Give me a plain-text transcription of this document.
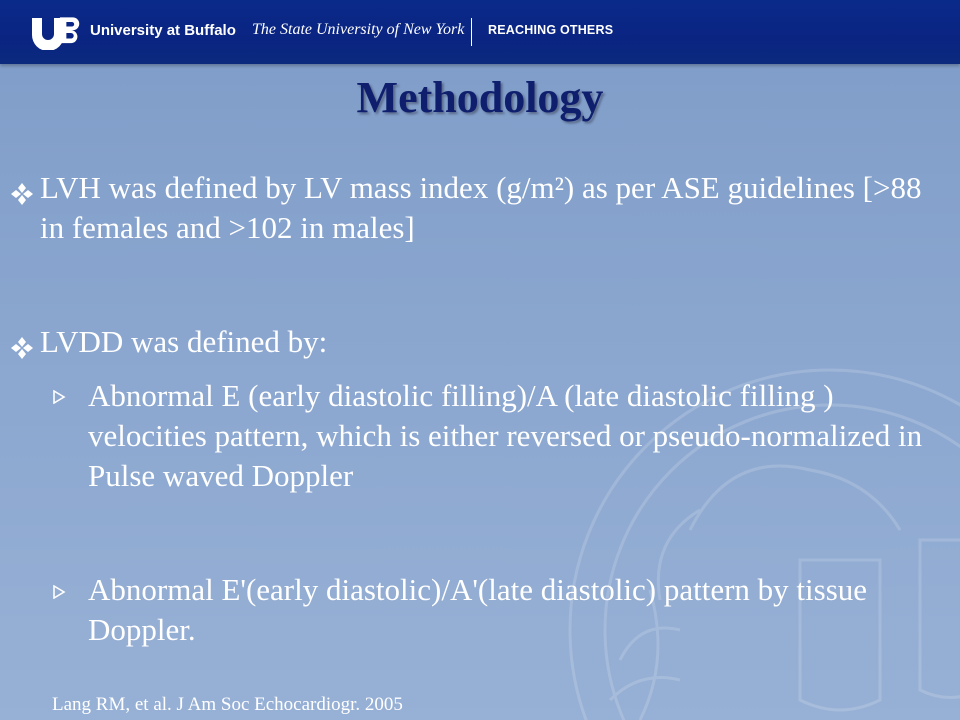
University at Buffalo The State University of New York REACHING OTHERS
Methodology
LVH was defined by LV mass index (g/m²) as per ASE guidelines [>88 in females and >102 in males]
LVDD was defined by:
Abnormal E (early diastolic filling)/A (late diastolic filling ) velocities pattern, which is either reversed or pseudo-normalized in Pulse waved Doppler
Abnormal E'(early diastolic)/A'(late diastolic) pattern by tissue Doppler.
Lang RM, et al. J Am Soc Echocardiogr. 2005
